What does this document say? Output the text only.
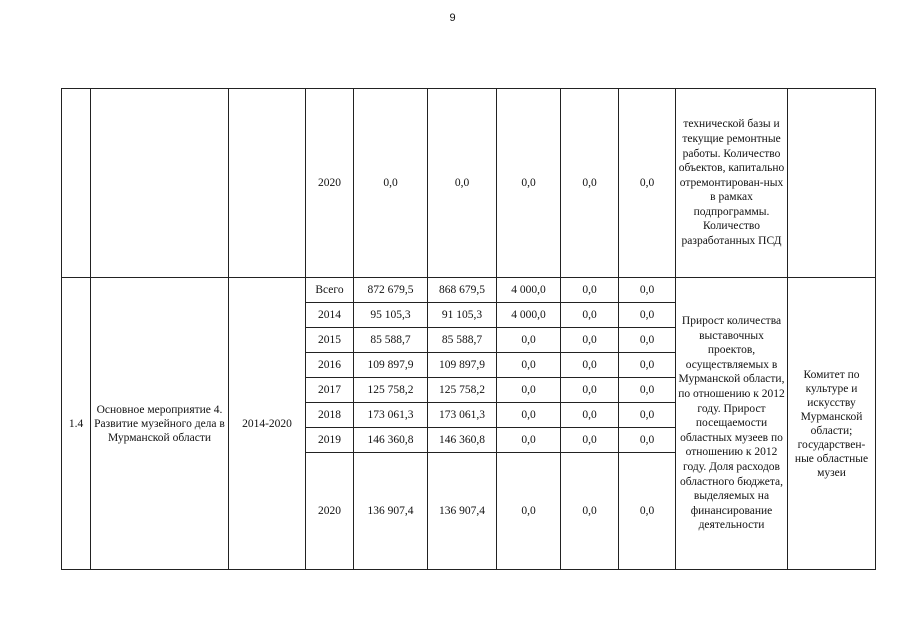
9
			2020	0,0	0,0	0,0	0,0	0,0	технической базы и текущие ремонтные работы. Количество объектов, капитально отремонтирован-ных в рамках подпрограммы. Количество разработанных ПСД	
1.4	Основное мероприятие 4. Развитие музейного дела в Мурманской области	2014-2020	Всего	872 679,5	868 679,5	4 000,0	0,0	0,0	Прирост количества выставочных проектов, осуществляемых в Мурманской области, по отношению к 2012 году. Прирост посещаемости областных музеев по отношению к 2012 году. Доля расходов областного бюджета, выделяемых на финансирование деятельности	Комитет по культуре и искусству Мурманской области; государствен-ные областные музеи
			2014	95 105,3	91 105,3	4 000,0	0,0	0,0		
			2015	85 588,7	85 588,7	0,0	0,0	0,0		
			2016	109 897,9	109 897,9	0,0	0,0	0,0		
			2017	125 758,2	125 758,2	0,0	0,0	0,0		
			2018	173 061,3	173 061,3	0,0	0,0	0,0		
			2019	146 360,8	146 360,8	0,0	0,0	0,0		
			2020	136 907,4	136 907,4	0,0	0,0	0,0		
